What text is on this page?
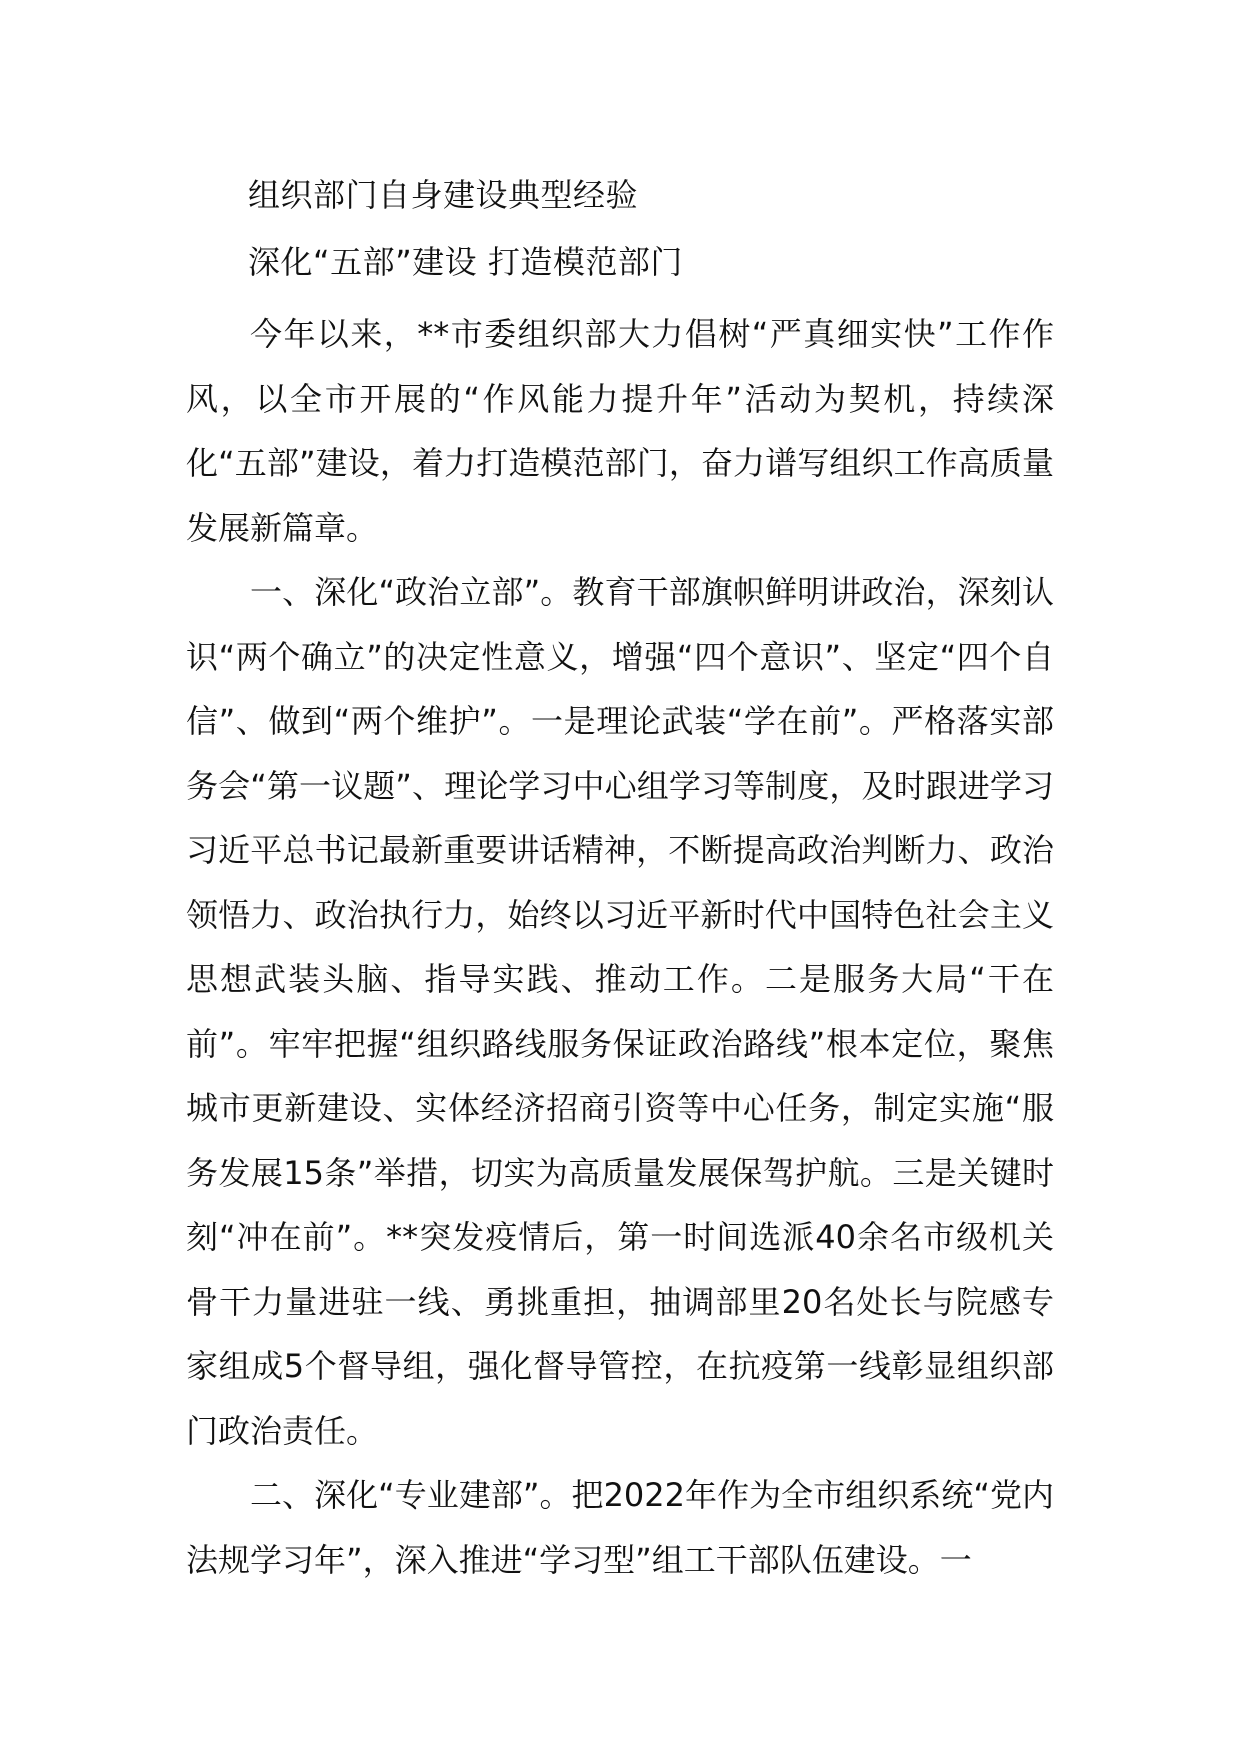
组织部门自身建设典型经验
深化“五部”建设 打造模范部门

今年以来，**市委组织部大力倡树“严真细实快”工作作风，以全市开展的“作风能力提升年”活动为契机，持续深化“五部”建设，着力打造模范部门，奋力谱写组织工作高质量发展新篇章。

一、深化“政治立部”。教育干部旗帜鲜明讲政治，深刻认识“两个确立”的决定性意义，增强“四个意识”、坚定“四个自信”、做到“两个维护”。一是理论武装“学在前”。严格落实部务会“第一议题”、理论学习中心组学习等制度，及时跟进学习习近平总书记最新重要讲话精神，不断提高政治判断力、政治领悟力、政治执行力，始终以习近平新时代中国特色社会主义思想武装头脑、指导实践、推动工作。二是服务大局“干在前”。牢牢把握“组织路线服务保证政治路线”根本定位，聚焦城市更新建设、实体经济招商引资等中心任务，制定实施“服务发展15条”举措，切实为高质量发展保驾护航。三是关键时刻“冲在前”。**突发疫情后，第一时间选派40余名市级机关骨干力量进驻一线、勇挑重担，抽调部里20名处长与院感专家组成5个督导组，强化督导管控，在抗疫第一线彰显组织部门政治责任。

二、深化“专业建部”。把2022年作为全市组织系统“党内法规学习年”，深入推进“学习型”组工干部队伍建设。一
